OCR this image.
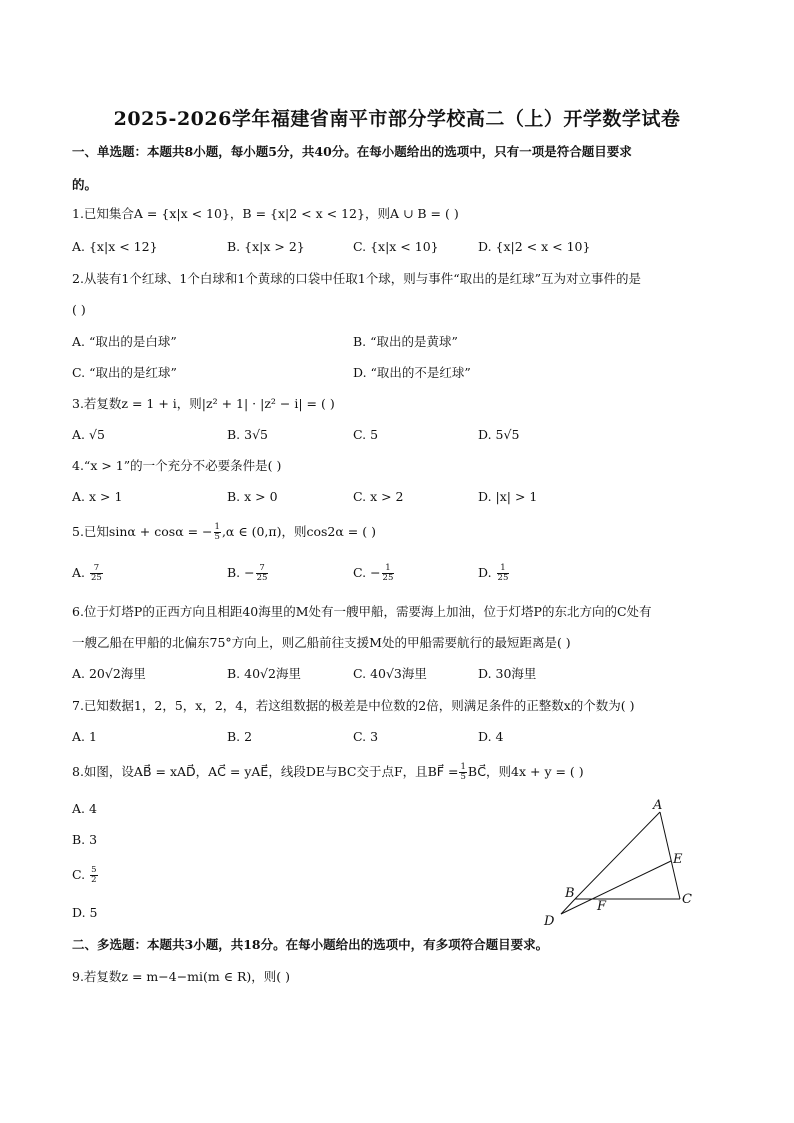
2025-2026学年福建省南平市部分学校高二（上）开学数学试卷
一、单选题：本题共8小题，每小题5分，共40分。在每小题给出的选项中，只有一项是符合题目要求
的。
1.已知集合A = {x|x < 10}，B = {x|2 < x < 12}，则A ∪ B = ( )
A. {x|x < 12}	B. {x|x > 2}	C. {x|x < 10}	D. {x|2 < x < 10}
2.从装有1个红球、1个白球和1个黄球的口袋中任取1个球，则与事件“取出的是红球”互为对立事件的是
( )
A. “取出的是白球”	B. “取出的是黄球”
C. “取出的是红球”	D. “取出的不是红球”
3.若复数z = 1 + i，则|z² + 1| · |z² − i| = ( )
A. √5	B. 3√5	C. 5	D. 5√5
4.“x > 1”的一个充分不必要条件是( )
A. x > 1	B. x > 0	C. x > 2	D. |x| > 1
5.已知sinα + cosα = − $\frac{1}{5} ,\alpha$ ∈ (0,π)，则cos2α = ( )
A. $\frac{7}{25}$	B. − $\frac{7}{25}$	C. − $\frac{1}{25}$	D. $\frac{1}{25}$
6.位于灯塔P的正西方向且相距40海里的M处有一艘甲船，需要海上加油，位于灯塔P的东北方向的C处有
一艘乙船在甲船的北偏东75°方向上，则乙船前往支援M处的甲船需要航行的最短距离是( )
A. 20√2海里	B. 40√2海里	C. 40√3海里	D. 30海里
7.已知数据1，2，5，x，2，4，若这组数据的极差是中位数的2倍，则满足条件的正整数x的个数为( )
A. 1	B. 2	C. 3	D. 4
8.如图，设AB⃗ = xAD⃗，AC⃗ = yAE⃗，线段DE与BC交于点F，且BF⃗ = $\frac{1}{5}$ BC⃗，则4x + y = ( )
A. 4
B. 3
C. $\frac{5}{2}$
D. 5
A
B	C
D
E
F
二、多选题：本题共3小题，共18分。在每小题给出的选项中，有多项符合题目要求。
9.若复数z = m−4−mi(m ∈ R)，则( )
